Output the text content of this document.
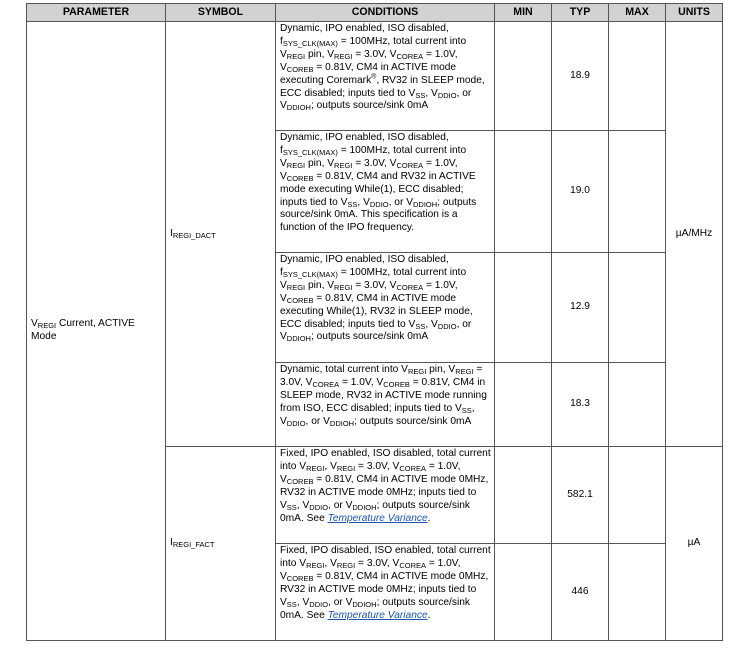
PARAMETER	SYMBOL	CONDITIONS	MIN	TYP	MAX	UNITS
$V_{REGI}$ Current, ACTIVE Mode	$I_{REGI\_DACT}$	Dynamic, IPO enabled, ISO disabled, $f_{SYS\_CLK(MAX)} = 100MHz$, total current into $V_{REGI}$ pin, $V_{REGI} = 3.0V$, $V_{COREA} = 1.0V$, $V_{COREB} = 0.81V$, CM4 in ACTIVE mode executing Coremark®, RV32 in SLEEP mode, ECC disabled; inputs tied to $V_{SS}$, $V_{DDIO}$, or $V_{DDIOH}$; outputs source/sink 0mA		18.9		µA/MHz
		Dynamic, IPO enabled, ISO disabled, $f_{SYS\_CLK(MAX)} = 100MHz$, total current into $V_{REGI}$ pin, $V_{REGI} = 3.0V$, $V_{COREA} = 1.0V$, $V_{COREB} = 0.81V$, CM4 and RV32 in ACTIVE mode executing While(1), ECC disabled; inputs tied to $V_{SS}$, $V_{DDIO}$, or $V_{DDIOH}$; outputs source/sink 0mA. This specification is a function of the IPO frequency.		19.0		
		Dynamic, IPO enabled, ISO disabled, $f_{SYS\_CLK(MAX)} = 100MHz$, total current into $V_{REGI}$ pin, $V_{REGI} = 3.0V$, $V_{COREA} = 1.0V$, $V_{COREB} = 0.81V$, CM4 in ACTIVE mode executing While(1), RV32 in SLEEP mode, ECC disabled; inputs tied to $V_{SS}$, $V_{DDIO}$, or $V_{DDIOH}$; outputs source/sink 0mA		12.9		
		Dynamic, total current into $V_{REGI}$ pin, $V_{REGI} = 3.0V$, $V_{COREA} = 1.0V$, $V_{COREB} = 0.81V$, CM4 in SLEEP mode, RV32 in ACTIVE mode running from ISO, ECC disabled; inputs tied to $V_{SS}$, $V_{DDIO}$, or $V_{DDIOH}$; outputs source/sink 0mA		18.3		
	$I_{REGI\_FACT}$	Fixed, IPO enabled, ISO disabled, total current into $V_{REGI}$, $V_{REGI} = 3.0V$, $V_{COREA} = 1.0V$, $V_{COREB} = 0.81V$, CM4 in ACTIVE mode 0MHz, RV32 in ACTIVE mode 0MHz; inputs tied to $V_{SS}$, $V_{DDIO}$, or $V_{DDIOH}$; outputs source/sink 0mA. See Temperature Variance.		582.1		µA
		Fixed, IPO disabled, ISO enabled, total current into $V_{REGI}$, $V_{REGI} = 3.0V$, $V_{COREA} = 1.0V$, $V_{COREB} = 0.81V$, CM4 in ACTIVE mode 0MHz, RV32 in ACTIVE mode 0MHz; inputs tied to $V_{SS}$, $V_{DDIO}$, or $V_{DDIOH}$; outputs source/sink 0mA. See Temperature Variance.		446		
